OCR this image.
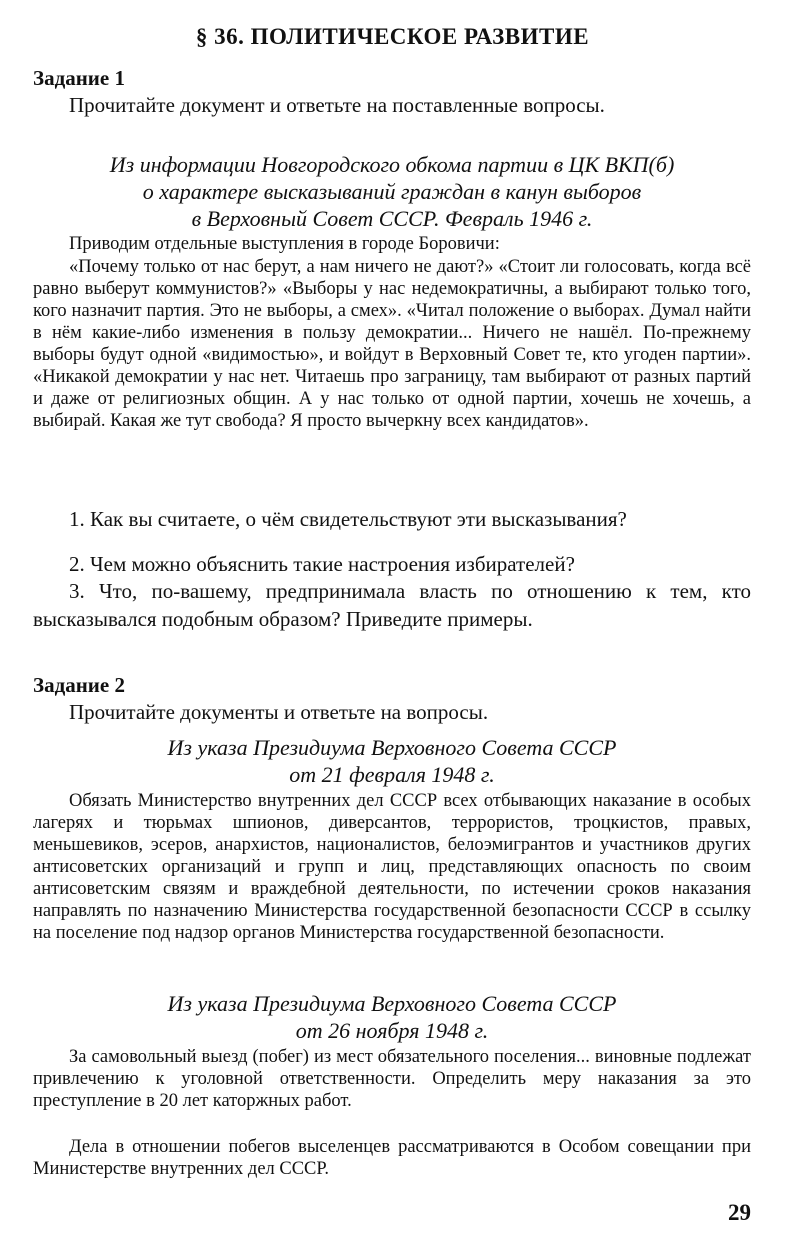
§ 36. ПОЛИТИЧЕСКОЕ РАЗВИТИЕ
Задание 1
Прочитайте документ и ответьте на поставленные вопросы.
Из информации Новгородского обкома партии в ЦК ВКП(б)
о характере высказываний граждан в канун выборов
в Верховный Совет СССР. Февраль 1946 г.
Приводим отдельные выступления в городе Боровичи:
«Почему только от нас берут, а нам ничего не дают?» «Стоит ли голосовать, когда всё равно выберут коммунистов?» «Выборы у нас недемократичны, а выбирают только того, кого назначит партия. Это не выборы, а смех». «Читал положение о выборах. Думал найти в нём какие-либо изменения в пользу демократии... Ничего не нашёл. По-прежнему выборы будут одной «видимостью», и войдут в Верховный Совет те, кто угоден партии». «Никакой демократии у нас нет. Читаешь про заграницу, там выбирают от разных партий и даже от религиозных общин. А у нас только от одной партии, хочешь не хочешь, а выбирай. Какая же тут свобода? Я просто вычеркну всех кандидатов».
1. Как вы считаете, о чём свидетельствуют эти высказывания?
2. Чем можно объяснить такие настроения избирателей?
3. Что, по-вашему, предпринимала власть по отношению к тем, кто высказывался подобным образом? Приведите примеры.
Задание 2
Прочитайте документы и ответьте на вопросы.
Из указа Президиума Верховного Совета СССР
от 21 февраля 1948 г.
Обязать Министерство внутренних дел СССР всех отбывающих наказание в особых лагерях и тюрьмах шпионов, диверсантов, террористов, троцкистов, правых, меньшевиков, эсеров, анархистов, националистов, белоэмигрантов и участников других антисоветских организаций и групп и лиц, представляющих опасность по своим антисоветским связям и враждебной деятельности, по истечении сроков наказания направлять по назначению Министерства государственной безопасности СССР в ссылку на поселение под надзор органов Министерства государственной безопасности.
Из указа Президиума Верховного Совета СССР
от 26 ноября 1948 г.
За самовольный выезд (побег) из мест обязательного поселения... виновные подлежат привлечению к уголовной ответственности. Определить меру наказания за это преступление в 20 лет каторжных работ.
Дела в отношении побегов выселенцев рассматриваются в Особом совещании при Министерстве внутренних дел СССР.
29
